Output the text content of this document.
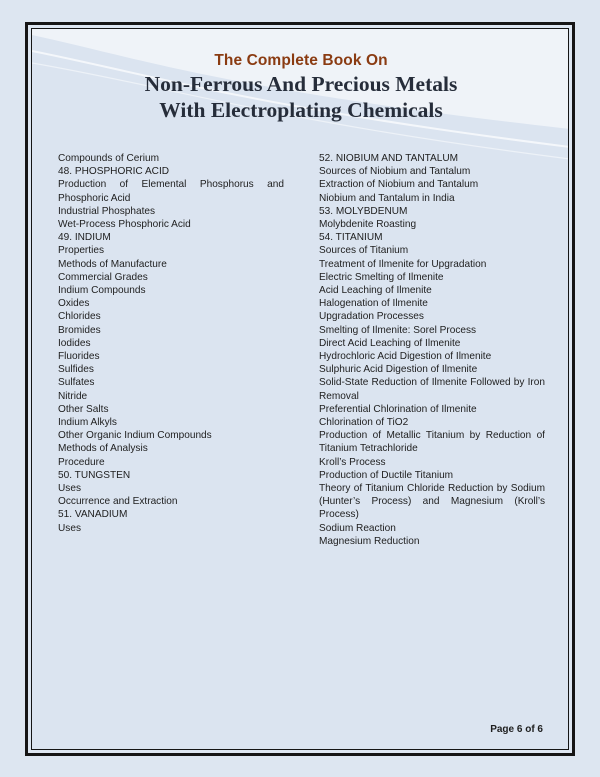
The Complete Book On
Non-Ferrous And Precious Metals
With Electroplating Chemicals
Compounds of Cerium
48. PHOSPHORIC ACID
Production of Elemental Phosphorus and
Phosphoric Acid
Industrial Phosphates
Wet-Process Phosphoric Acid
49. INDIUM
Properties
Methods of Manufacture
Commercial Grades
Indium Compounds
Oxides
Chlorides
Bromides
Iodides
Fluorides
Sulfides
Sulfates
Nitride
Other Salts
Indium Alkyls
Other Organic Indium Compounds
Methods of Analysis
Procedure
50. TUNGSTEN
Uses
Occurrence and Extraction
51. VANADIUM
Uses
52. NIOBIUM AND TANTALUM
Sources of Niobium and Tantalum
Extraction of Niobium and Tantalum
Niobium and Tantalum in India
53. MOLYBDENUM
Molybdenite Roasting
54. TITANIUM
Sources of Titanium
Treatment of Ilmenite for Upgradation
Electric Smelting of Ilmenite
Acid Leaching of Ilmenite
Halogenation of Ilmenite
Upgradation Processes
Smelting of Ilmenite: Sorel Process
Direct Acid Leaching of Ilmenite
Hydrochloric Acid Digestion of Ilmenite
Sulphuric Acid Digestion of Ilmenite
Solid-State Reduction of Ilmenite Followed by Iron
Removal
Preferential Chlorination of Ilmenite
Chlorination of TiO2
Production of Metallic Titanium by Reduction of
Titanium Tetrachloride
Kroll’s Process
Production of Ductile Titanium
Theory of Titanium Chloride Reduction by Sodium
(Hunter’s Process) and Magnesium (Kroll’s Process)
Sodium Reaction
Magnesium Reduction
Page 6 of 6
